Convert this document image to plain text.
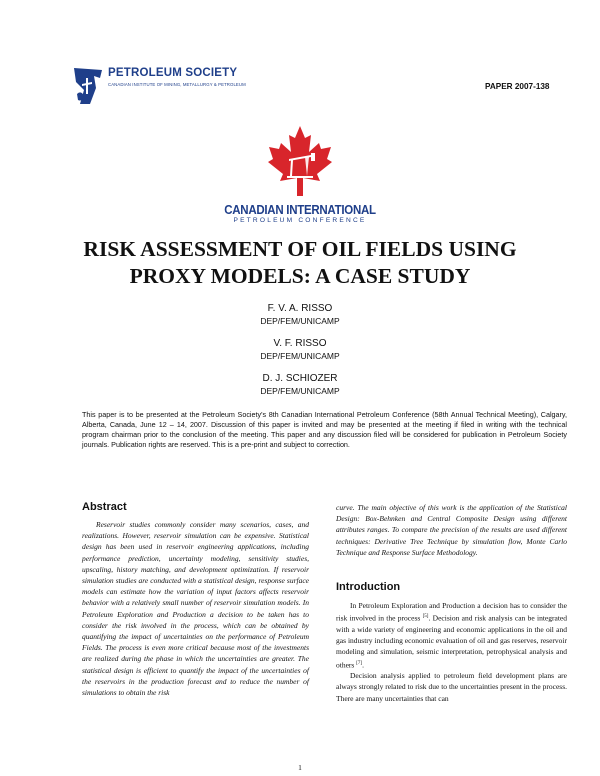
PETROLEUM SOCIETY
CANADIAN INSTITUTE OF MINING, METALLURGY & PETROLEUM	PAPER 2007-138
CANADIAN INTERNATIONAL
PETROLEUM CONFERENCE
RISK ASSESSMENT OF OIL FIELDS USING
PROXY MODELS: A CASE STUDY
F. V. A. RISSO
DEP/FEM/UNICAMP
V. F. RISSO
DEP/FEM/UNICAMP
D. J. SCHIOZER
DEP/FEM/UNICAMP
This paper is to be presented at the Petroleum Society's 8th Canadian International Petroleum Conference (58th Annual Technical Meeting), Calgary, Alberta, Canada, June 12 – 14, 2007. Discussion of this paper is invited and may be presented at the meeting if filed in writing with the technical program chairman prior to the conclusion of the meeting. This paper and any discussion filed will be considered for publication in Petroleum Society journals. Publication rights are reserved. This is a pre-print and subject to correction.
Abstract

Reservoir studies commonly consider many scenarios, cases, and realizations. However, reservoir simulation can be expensive. Statistical design has been used in reservoir engineering applications, including performance prediction, uncertainty modeling, sensitivity studies, upscaling, history matching, and development optimization. If reservoir simulation studies are conducted with a statistical design, response surface models can estimate how the variation of input factors affects reservoir behavior with a relatively small number of reservoir simulation models. In Petroleum Exploration and Production a decision to be taken has to consider the risk involved in the process, which can be obtained by quantifying the impact of uncertainties on the performance of Petroleum Fields. The process is even more critical because most of the investments are realized during the phase in which the uncertainties are greater. The statistical design is efficient to quantify the impact of the uncertainties of the reservoirs in the production forecast and to reduce the number of simulations to obtain the risk

curve. The main objective of this work is the application of the Statistical Design: Box-Behnken and Central Composite Design using different attributes ranges. To compare the precision of the results are used different techniques: Derivative Tree Technique by simulation flow, Monte Carlo Technique and Response Surface Methodology.

Introduction

In Petroleum Exploration and Production a decision has to consider the risk involved in the process [5]. Decision and risk analysis can be integrated with a wide variety of engineering and economic applications in the oil and gas industry including economic evaluation of oil and gas reserves, reservoir modeling and simulation, seismic interpretation, petrophysical analysis and others [7].

Decision analysis applied to petroleum field development plans are always strongly related to risk due to the uncertainties present in the process. There are many uncertainties that can

1
